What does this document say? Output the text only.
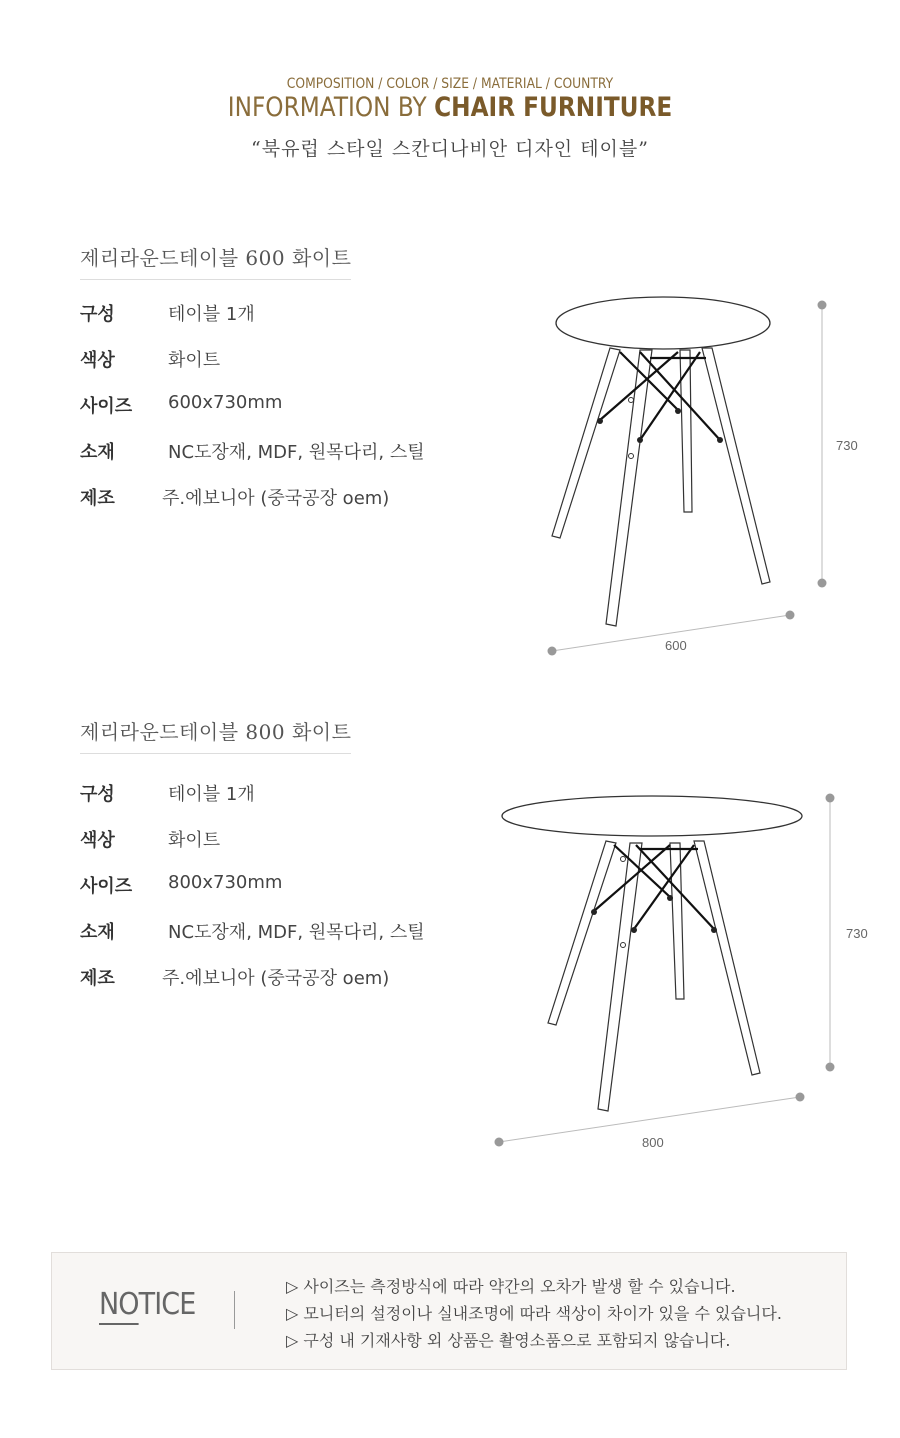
COMPOSITION / COLOR / SIZE / MATERIAL / COUNTRY
INFORMATION BY CHAIR FURNITURE
“북유럽 스타일 스칸디나비안 디자인 테이블”
제리라운드테이블 600 화이트
구성	테이블 1개
색상	화이트
사이즈	600x730mm
소재	NC도장재, MDF, 원목다리, 스틸
제조	주.에보니아 (중국공장 oem)
730
600
제리라운드테이블 800 화이트
구성	테이블 1개
색상	화이트
사이즈	800x730mm
소재	NC도장재, MDF, 원목다리, 스틸
제조	주.에보니아 (중국공장 oem)
730
800
NOTICE
▷ 사이즈는 측정방식에 따라 약간의 오차가 발생 할 수 있습니다.
▷ 모니터의 설정이나 실내조명에 따라 색상이 차이가 있을 수 있습니다.
▷ 구성 내 기재사항 외 상품은 촬영소품으로 포함되지 않습니다.
